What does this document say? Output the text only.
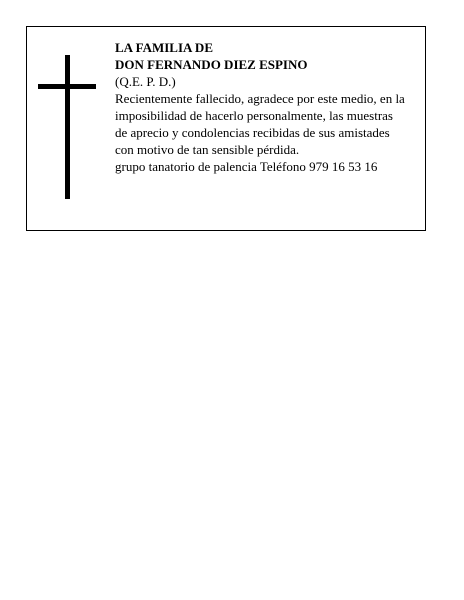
LA FAMILIA DE
DON FERNANDO DIEZ ESPINO
(Q.E. P. D.)
Recientemente fallecido, agradece por este medio, en la
imposibilidad de hacerlo personalmente, las muestras
de aprecio y condolencias recibidas de sus amistades
con motivo de tan sensible pérdida.
grupo tanatorio de palencia Teléfono 979 16 53 16
